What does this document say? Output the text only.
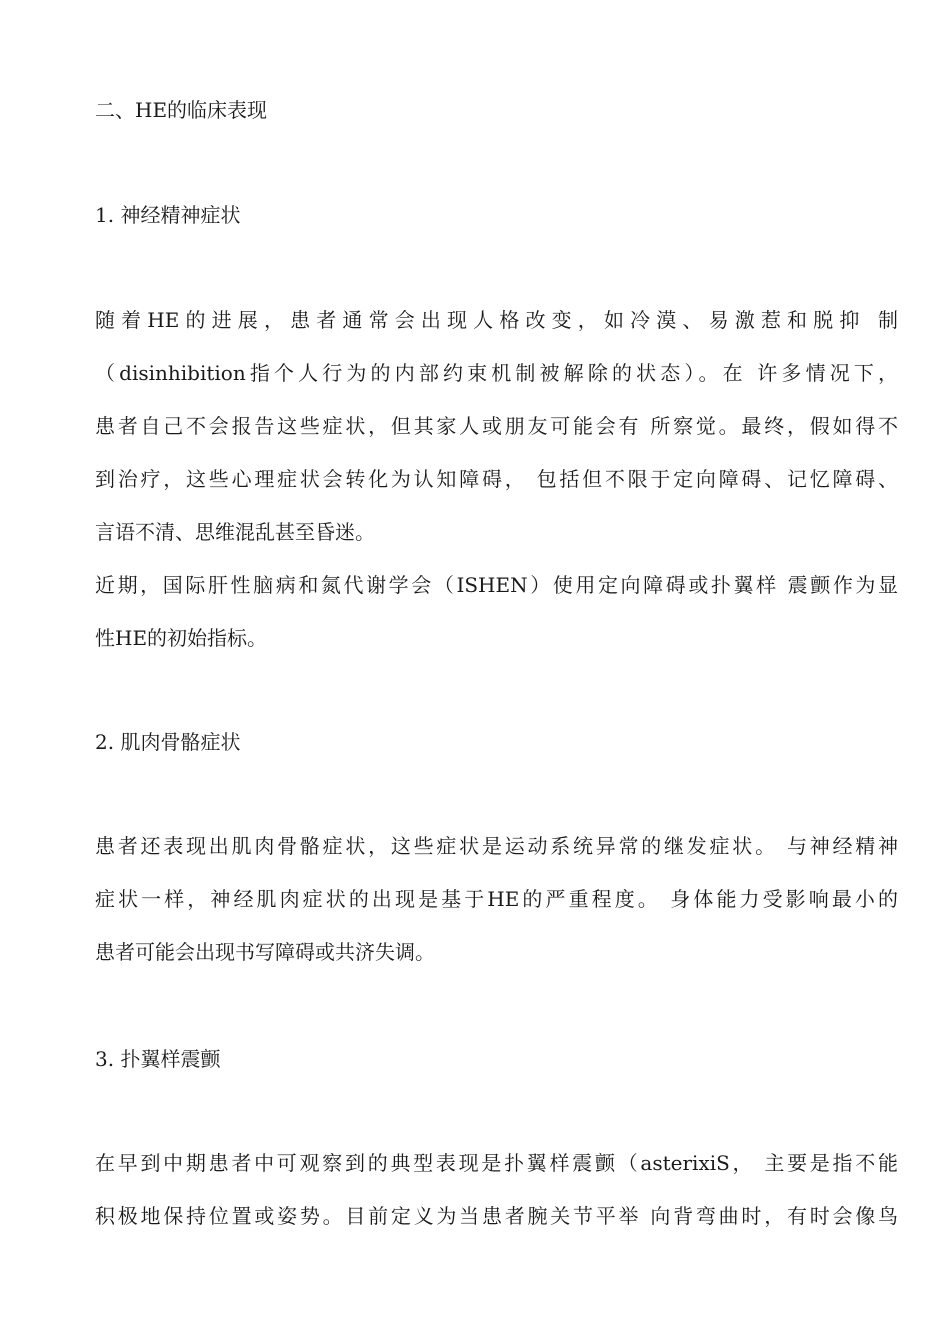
二、HE的临床表现
1. 神经精神症状
随着HE的进展，患者通常会出现人格改变，如冷漠、易激惹和脱抑 制
（disinhibition指个人行为的内部约束机制被解除的状态）。在 许多情况下，
患者自己不会报告这些症状，但其家人或朋友可能会有 所察觉。最终，假如得不
到治疗，这些心理症状会转化为认知障碍， 包括但不限于定向障碍、记忆障碍、
言语不清、思维混乱甚至昏迷。
近期，国际肝性脑病和氮代谢学会（ISHEN）使用定向障碍或扑翼样 震颤作为显
性HE的初始指标。
2. 肌肉骨骼症状
患者还表现出肌肉骨骼症状，这些症状是运动系统异常的继发症状。 与神经精神
症状一样，神经肌肉症状的出现是基于HE的严重程度。 身体能力受影响最小的
患者可能会出现书写障碍或共济失调。
3. 扑翼样震颤
在早到中期患者中可观察到的典型表现是扑翼样震颤（asterixiS， 主要是指不能
积极地保持位置或姿势。目前定义为当患者腕关节平举 向背弯曲时，有时会像鸟
